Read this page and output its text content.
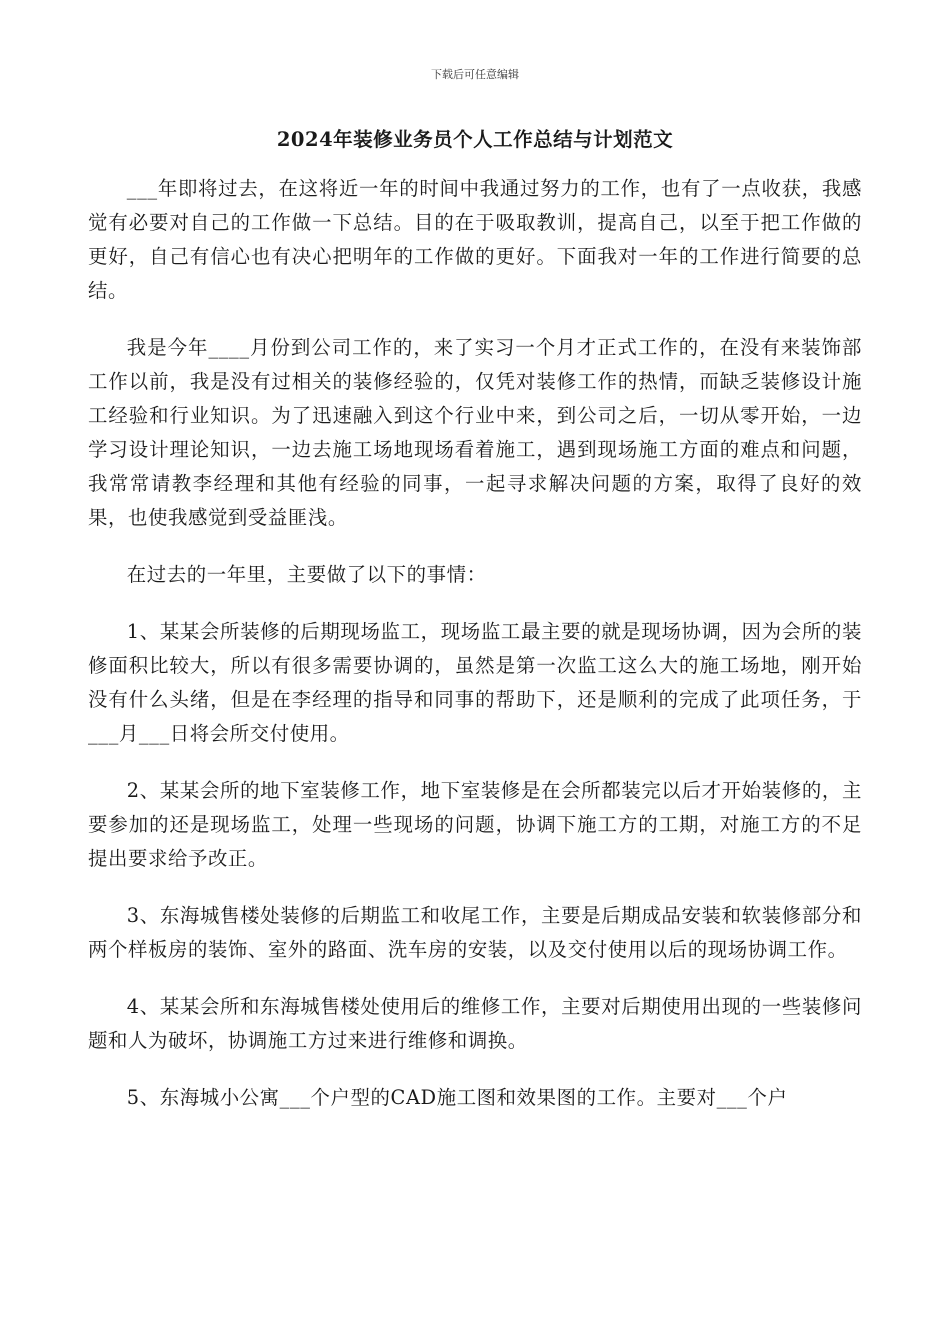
下载后可任意编辑
2024年装修业务员个人工作总结与计划范文

___年即将过去，在这将近一年的时间中我通过努力的工作，也有了一点收获，我感觉有必要对自己的工作做一下总结。目的在于吸取教训，提高自己，以至于把工作做的更好，自己有信心也有决心把明年的工作做的更好。下面我对一年的工作进行简要的总结。

我是今年____月份到公司工作的，来了实习一个月才正式工作的，在没有来装饰部工作以前，我是没有过相关的装修经验的，仅凭对装修工作的热情，而缺乏装修设计施工经验和行业知识。为了迅速融入到这个行业中来，到公司之后，一切从零开始，一边学习设计理论知识，一边去施工场地现场看着施工，遇到现场施工方面的难点和问题，我常常请教李经理和其他有经验的同事，一起寻求解决问题的方案，取得了良好的效果，也使我感觉到受益匪浅。

在过去的一年里，主要做了以下的事情：

1、某某会所装修的后期现场监工，现场监工最主要的就是现场协调，因为会所的装修面积比较大，所以有很多需要协调的，虽然是第一次监工这么大的施工场地，刚开始没有什么头绪，但是在李经理的指导和同事的帮助下，还是顺利的完成了此项任务，于___月___日将会所交付使用。

2、某某会所的地下室装修工作，地下室装修是在会所都装完以后才开始装修的，主要参加的还是现场监工，处理一些现场的问题，协调下施工方的工期，对施工方的不足提出要求给予改正。

3、东海城售楼处装修的后期监工和收尾工作，主要是后期成品安装和软装修部分和两个样板房的装饰、室外的路面、洗车房的安装，以及交付使用以后的现场协调工作。

4、某某会所和东海城售楼处使用后的维修工作，主要对后期使用出现的一些装修问题和人为破坏，协调施工方过来进行维修和调换。

5、东海城小公寓___个户型的CAD施工图和效果图的工作。主要对___个户
